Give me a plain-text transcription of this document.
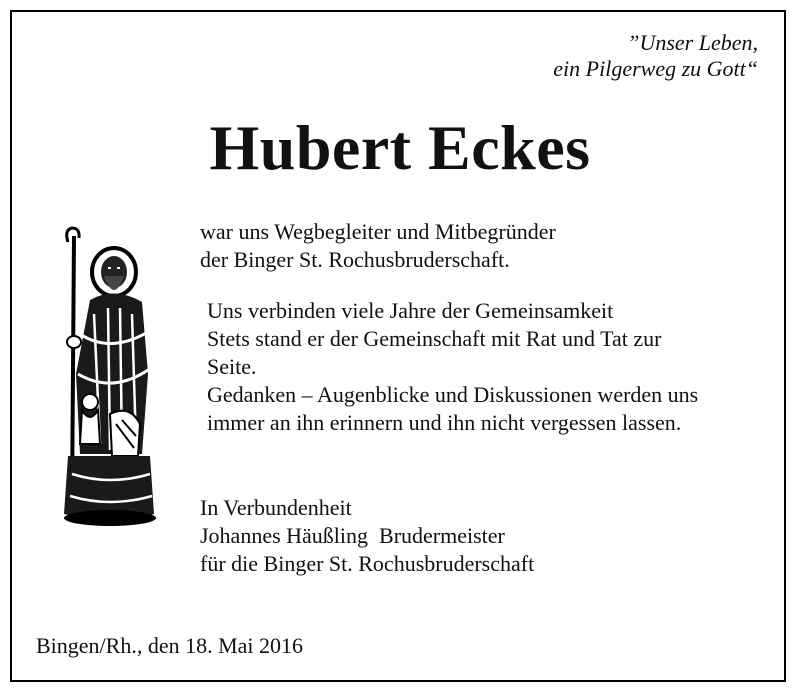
”Unser Leben,
ein Pilgerweg zu Gott“
Hubert Eckes
war uns Wegbegleiter und Mitbegründer
der Binger St. Rochusbruderschaft.
Uns verbinden viele Jahre der Gemeinsamkeit
Stets stand er der Gemeinschaft mit Rat und Tat zur
Seite.
Gedanken – Augenblicke und Diskussionen werden uns
immer an ihn erinnern und ihn nicht vergessen lassen.
In Verbundenheit
Johannes Häußling  Brudermeister
für die Binger St. Rochusbruderschaft
Bingen/Rh., den 18. Mai 2016
